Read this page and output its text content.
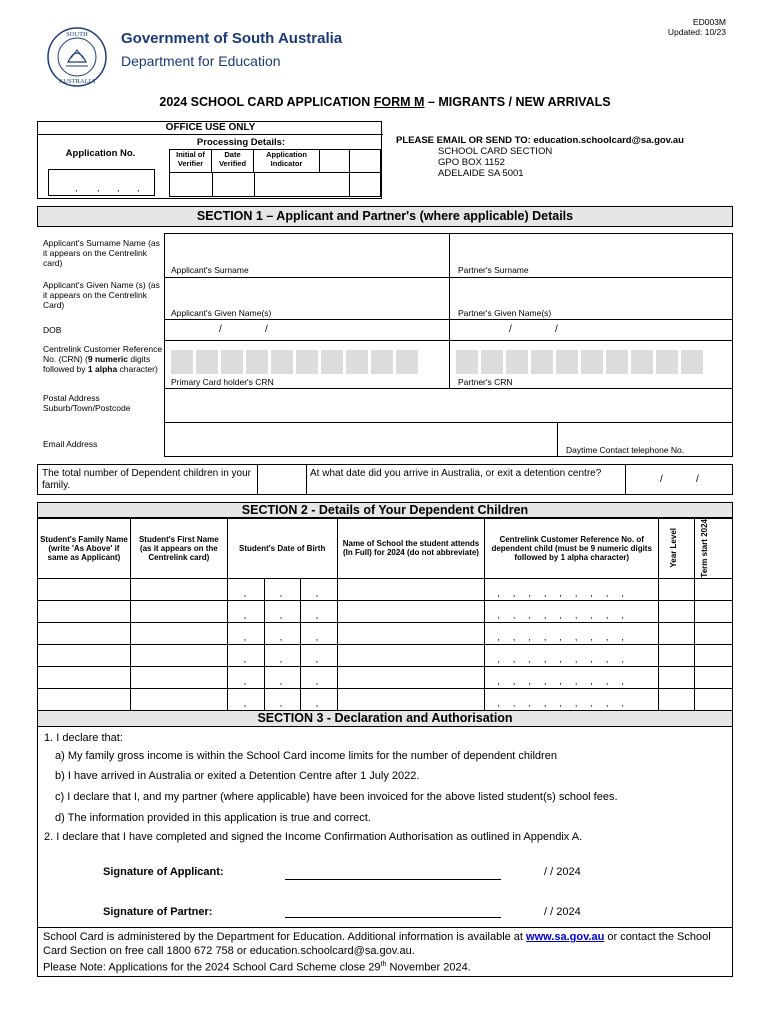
ED003M
Updated: 10/23
SOUTH
AUSTRALIA
Government of South Australia
Department for Education
2024 SCHOOL CARD APPLICATION FORM M – MIGRANTS / NEW ARRIVALS
OFFICE USE ONLY
Application No.
, , , ,
Processing Details:
Initial of Verifier
Date Verified
Application Indicator
PLEASE EMAIL OR SEND TO: education.schoolcard@sa.gov.au
SCHOOL CARD SECTION
GPO BOX 1152
ADELAIDE SA 5001
SECTION 1 – Applicant and Partner's (where applicable) Details
Applicant's Surname Name (as it appears on the Centrelink card)
Applicant's Given Name (s) (as it appears on the Centrelink Card)
DOB
Centrelink Customer Reference No. (CRN) (9 numeric digits followed by 1 alpha character)
Postal Address Suburb/Town/Postcode
Email Address
Applicant's Surname	Partner's Surname
Applicant's Given Name(s)	Partner's Given Name(s)
/	/	/	/
Primary Card holder's CRN	Partner's CRN
Daytime Contact telephone No.
The total number of Dependent children in your family.
At what date did you arrive in Australia, or exit a detention centre?
/	/
SECTION 2 - Details of Your Dependent Children
Student's Family Name (write 'As Above' if same as Applicant)	Student's First Name (as it appears on the Centrelink card)	Student's Date of Birth	Name of School the student attends (In Full) for 2024 (do not abbreviate)	Centrelink Customer Reference No. of dependent child (must be 9 numeric digits followed by 1 alpha character)	Year Level	Term start 2024

		, , ,		,,,,,,,,,		

		, , ,		,,,,,,,,,		

		, , ,		,,,,,,,,,		

		, , ,		,,,,,,,,,		

		, , ,		,,,,,,,,,		

		, , ,		,,,,,,,,,		

SECTION 3 - Declaration and Authorisation
1. I declare that:
a) My family gross income is within the School Card income limits for the number of dependent children
b) I have arrived in Australia or exited a Detention Centre after 1 July 2022.
c) I declare that I, and my partner (where applicable) have been invoiced for the above listed student(s) school fees.
d) The information provided in this application is true and correct.
2. I declare that I have completed and signed the Income Confirmation Authorisation as outlined in Appendix A.
Signature of Applicant:	/ / 2024
Signature of Partner:	/ / 2024
School Card is administered by the Department for Education. Additional information is available at www.sa.gov.au or contact the School Card Section on free call 1800 672 758 or education.schoolcard@sa.gov.au.
Please Note: Applications for the 2024 School Card Scheme close 29th November 2024.
